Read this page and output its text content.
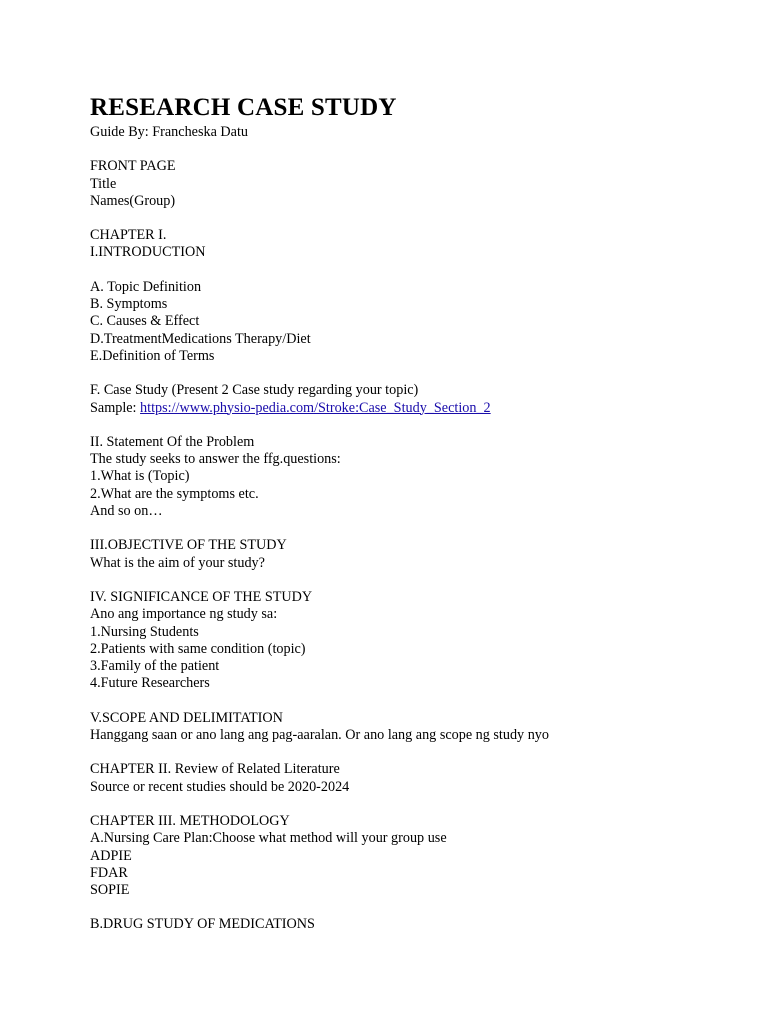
RESEARCH CASE STUDY

Guide By: Francheska Datu

FRONT PAGE

Title

Names(Group)

CHAPTER I.

I.INTRODUCTION

A. Topic Definition

B. Symptoms

C. Causes & Effect

D.TreatmentMedications Therapy/Diet

E.Definition of Terms

F. Case Study (Present 2 Case study regarding your topic)

Sample: https://www.physio-pedia.com/Stroke:Case_Study_Section_2

II. Statement Of the Problem

The study seeks to answer the ffg.questions:

1.What is (Topic)

2.What are the symptoms etc.

And so on…

III.OBJECTIVE OF THE STUDY

What is the aim of your study?

IV. SIGNIFICANCE OF THE STUDY

Ano ang importance ng study sa:

1.Nursing Students

2.Patients with same condition (topic)

3.Family of the patient

4.Future Researchers

V.SCOPE AND DELIMITATION

Hanggang saan or ano lang ang pag-aaralan. Or ano lang ang scope ng study nyo

CHAPTER II. Review of Related Literature

Source or recent studies should be 2020-2024

CHAPTER III. METHODOLOGY

A.Nursing Care Plan:Choose what method will your group use

ADPIE

FDAR

SOPIE

B.DRUG STUDY OF MEDICATIONS
